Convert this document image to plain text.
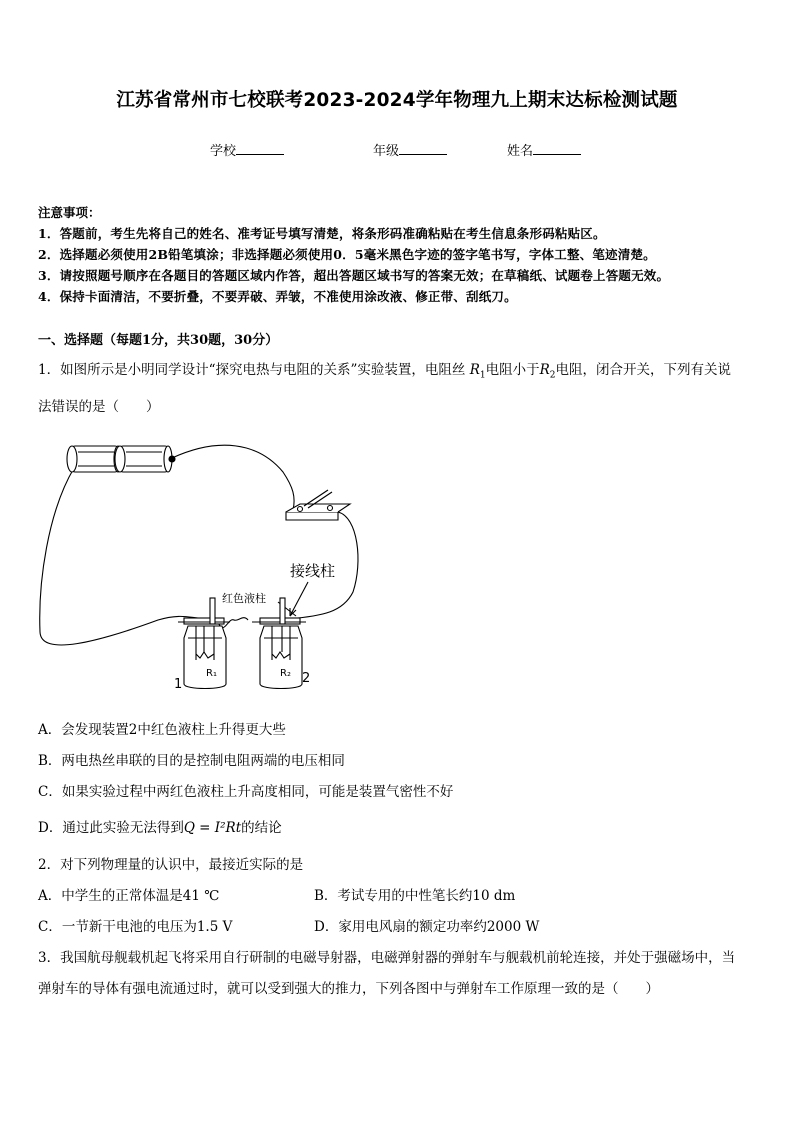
江苏省常州市七校联考2023-2024学年物理九上期末达标检测试题
学校	年级	姓名
注意事项：
1．答题前，考生先将自己的姓名、准考证号填写清楚，将条形码准确粘贴在考生信息条形码粘贴区。
2．选择题必须使用2B铅笔填涂；非选择题必须使用0．5毫米黑色字迹的签字笔书写，字体工整、笔迹清楚。
3．请按照题号顺序在各题目的答题区域内作答，超出答题区域书写的答案无效；在草稿纸、试题卷上答题无效。
4．保持卡面清洁，不要折叠，不要弄破、弄皱，不准使用涂改液、修正带、刮纸刀。
一、选择题（每题1分，共30题，30分）
1．如图所示是小明同学设计“探究电热与电阻的关系”实验装置，电阻丝 $R_1$电阻小于$R_2$电阻，闭合开关，下列有关说
法错误的是（　　）
接线柱
红色液柱
R₁	R₂
1	2
A．会发现装置2中红色液柱上升得更大些
B．两电热丝串联的目的是控制电阻两端的电压相同
C．如果实验过程中两红色液柱上升高度相同，可能是装置气密性不好
D．通过此实验无法得到Q = I²Rt的结论
2．对下列物理量的认识中，最接近实际的是
A．中学生的正常体温是41 ℃	B．考试专用的中性笔长约10 dm
C．一节新干电池的电压为1.5 V	D．家用电风扇的额定功率约2000 W
3．我国航母舰载机起飞将采用自行研制的电磁导射器，电磁弹射器的弹射车与舰载机前轮连接，并处于强磁场中，当
弹射车的导体有强电流通过时，就可以受到强大的推力，下列各图中与弹射车工作原理一致的是（　　）
